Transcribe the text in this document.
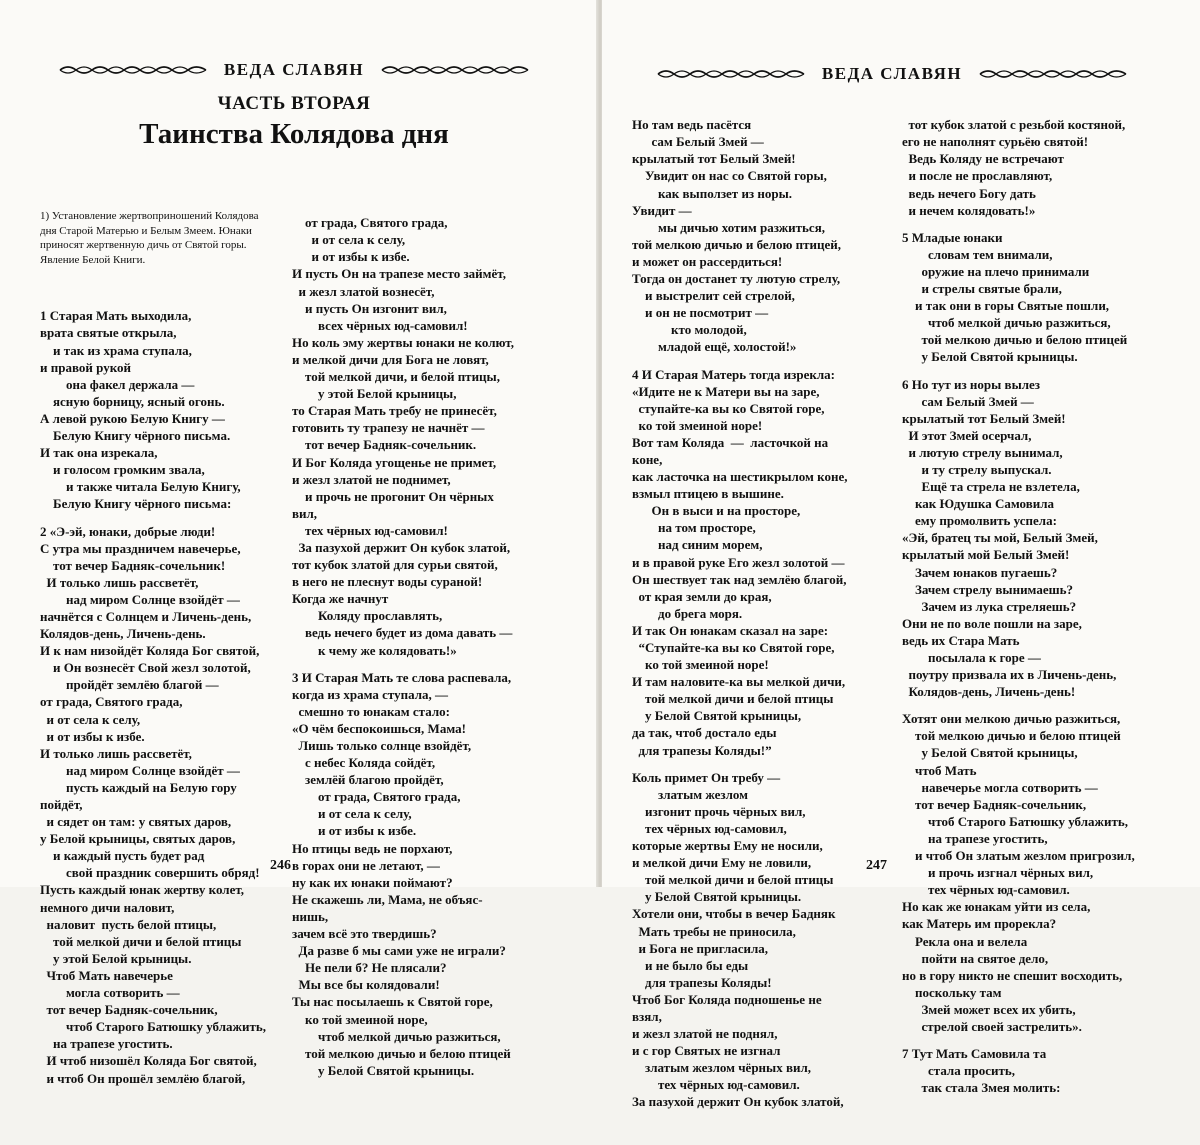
ВЕДА СЛАВЯН
ЧАСТЬ ВТОРАЯ
Таинства Колядова дня

1) Установление жертвоприношений Колядова дня Старой Матерью и Белым Змеем. Юнаки приносят жертвенную дичь от Святой горы. Явление Белой Книги.

1 Старая Мать выходила,
врата святые открыла,
и так из храма ступала,
и правой рукой
она факел держала —
ясную борницу, ясный огонь.
А левой рукою Белую Книгу —
Белую Книгу чёрного письма.
И так она изрекала,
и голосом громким звала,
и также читала Белую Книгу,
Белую Книгу чёрного письма:
2 «Э-эй, юнаки, добрые люди!
С утра мы праздничем навечерье,
тот вечер Бадняк-сочельник!
И только лишь рассветёт,
над миром Солнце взойдёт —
начнётся с Солнцем и Личень-день,
Колядов-день, Личень-день.
И к нам низойдёт Коляда Бог святой,
и Он вознесёт Свой жезл золотой,
пройдёт землёю благой —
от града, Святого града,
и от села к селу,
и от избы к избе.
И только лишь рассветёт,
над миром Солнце взойдёт —
пусть каждый на Белую гору
пойдёт,
и сядет он там: у святых даров,
у Белой крыницы, святых даров,
и каждый пусть будет рад
свой праздник совершить обряд!
Пусть каждый юнак жертву колет,
немного дичи наловит,
наловит  пусть белой птицы,
той мелкой дичи и белой птицы
у этой Белой крыницы.
Чтоб Мать навечерье
могла сотворить —
тот вечер Бадняк-сочельник,
чтоб Старого Батюшку ублажить,
на трапезе угостить.
И чтоб низошёл Коляда Бог святой,
и чтоб Он прошёл землёю благой,

от града, Святого града,
и от села к селу,
и от избы к избе.
И пусть Он на трапезе место займёт,
и жезл златой вознесёт,
и пусть Он изгонит вил,
всех чёрных юд-самовил!
Но коль эму жертвы юнаки не колют,
и мелкой дичи для Бога не ловят,
той мелкой дичи, и белой птицы,
у этой Белой крыницы,
то Старая Мать требу не принесёт,
готовить ту трапезу не начнёт —
тот вечер Бадняк-сочельник.
И Бог Коляда угощенье не примет,
и жезл златой не поднимет,
и прочь не прогонит Он чёрных
вил,
тех чёрных юд-самовил!
За пазухой держит Он кубок златой,
тот кубок златой для сурьи святой,
в него не плеснут воды сураной!
Когда же начнут
Коляду прославлять,
ведь нечего будет из дома давать —
к чему же колядовать!»
3 И Старая Мать те слова распевала,
когда из храма ступала, —
смешно то юнакам стало:
«О чём беспокоишься, Мама!
Лишь только солнце взойдёт,
с небес Коляда сойдёт,
землёй благою пройдёт,
от града, Святого града,
и от села к селу,
и от избы к избе.
Но птицы ведь не порхают,
в горах они не летают, —
ну как их юнаки поймают?
Не скажешь ли, Мама, не объяс-
нишь,
зачем всё это твердишь?
Да разве б мы сами уже не играли?
Не пели б? Не плясали?
Мы все бы колядовали!
Ты нас посылаешь к Святой горе,
ко той змеиной норе,
чтоб мелкой дичью разжиться,
той мелкою дичью и белою птицей
у Белой Святой крыницы.

246
ВЕДА СЛАВЯН

Но там ведь пасётся
сам Белый Змей —
крылатый тот Белый Змей!
Увидит он нас со Святой горы,
как выползет из норы.
Увидит —
мы дичью хотим разжиться,
той мелкою дичью и белою птицей,
и может он рассердиться!
Тогда он достанет ту лютую стрелу,
и выстрелит сей стрелой,
и он не посмотрит —
кто молодой,
младой ещё, холостой!»
4 И Старая Матерь тогда изрекла:
«Идите не к Матери вы на заре,
ступайте-ка вы ко Святой горе,
ко той змеиной норе!
Вот там Коляда  —  ласточкой на
коне,
как ласточка на шестикрылом коне,
взмыл птицею в вышине.
Он в выси и на просторе,
на том просторе,
над синим морем,
и в правой руке Его жезл золотой —
Он шествует так над землёю благой,
от края земли до края,
до брега моря.
И так Он юнакам сказал на заре:
“Ступайте-ка вы ко Святой горе,
ко той змеиной норе!
И там наловите-ка вы мелкой дичи,
той мелкой дичи и белой птицы
у Белой Святой крыницы,
да так, чтоб достало еды
для трапезы Коляды!”
Коль примет Он требу —
златым жезлом
изгонит прочь чёрных вил,
тех чёрных юд-самовил,
которые жертвы Ему не носили,
и мелкой дичи Ему не ловили,
той мелкой дичи и белой птицы
у Белой Святой крыницы.
Хотели они, чтобы в вечер Бадняк
Мать требы не приносила,
и Бога не пригласила,
и не было бы еды
для трапезы Коляды!
Чтоб Бог Коляда подношенье не
взял,
и жезл златой не поднял,
и с гор Святых не изгнал
златым жезлом чёрных вил,
тех чёрных юд-самовил.
За пазухой держит Он кубок златой,

тот кубок златой с резьбой костяной,
его не наполнят сурьёю святой!
Ведь Коляду не встречают
и после не прославляют,
ведь нечего Богу дать
и нечем колядовать!»
5 Младые юнаки
словам тем внимали,
оружие на плечо принимали
и стрелы святые брали,
и так они в горы Святые пошли,
чтоб мелкой дичью разжиться,
той мелкою дичью и белою птицей
у Белой Святой крыницы.
6 Но тут из норы вылез
сам Белый Змей —
крылатый тот Белый Змей!
И этот Змей осерчал,
и лютую стрелу вынимал,
и ту стрелу выпускал.
Ещё та стрела не взлетела,
как Юдушка Самовила
ему промолвить успела:
«Эй, братец ты мой, Белый Змей,
крылатый мой Белый Змей!
Зачем юнаков пугаешь?
Зачем стрелу вынимаешь?
Зачем из лука стреляешь?
Они не по воле пошли на заре,
ведь их Стара Мать
посылала к горе —
поутру призвала их в Личень-день,
Колядов-день, Личень-день!
Хотят они мелкою дичью разжиться,
той мелкою дичью и белою птицей
у Белой Святой крыницы,
чтоб Мать
навечерье могла сотворить —
тот вечер Бадняк-сочельник,
чтоб Старого Батюшку ублажить,
на трапезе угостить,
и чтоб Он златым жезлом пригрозил,
и прочь изгнал чёрных вил,
тех чёрных юд-самовил.
Но как же юнакам уйти из села,
как Матерь им прорекла?
Рекла она и велела
пойти на святое дело,
но в гору никто не спешит восходить,
поскольку там
Змей может всех их убить,
стрелой своей застрелить».
7 Тут Мать Самовила та
стала просить,
так стала Змея молить:

247
